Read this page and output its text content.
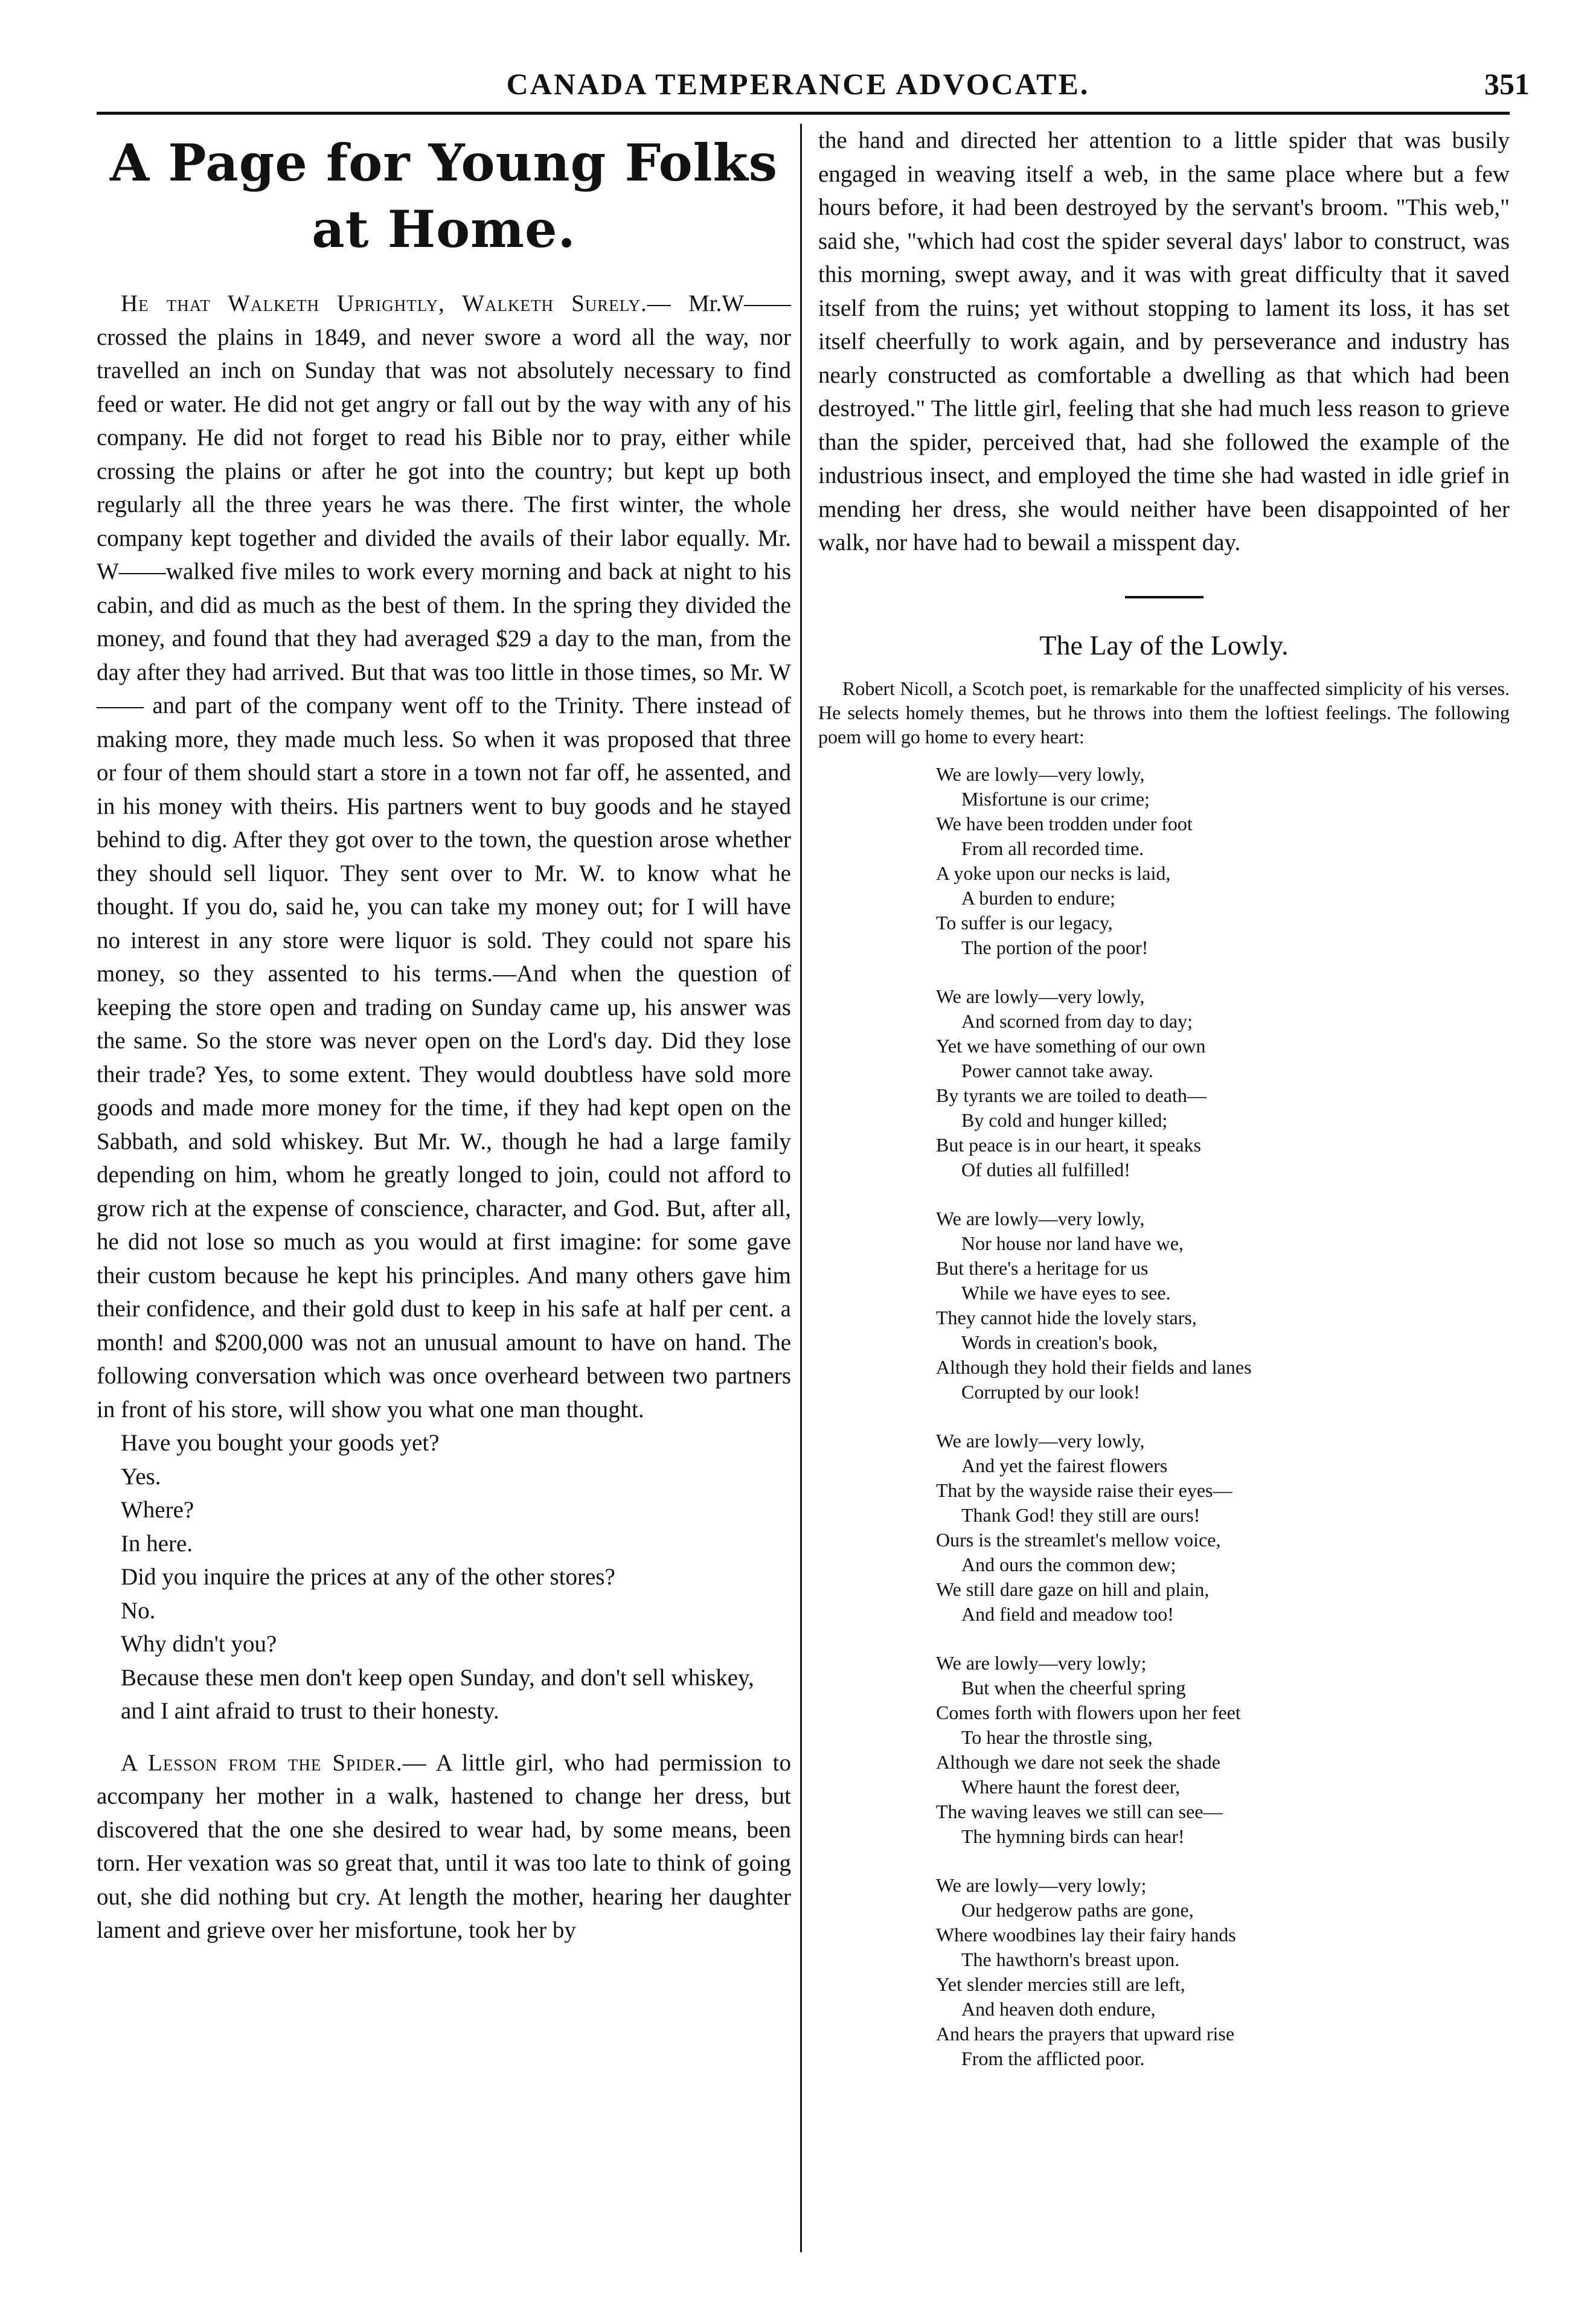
CANADA TEMPERANCE ADVOCATE.	351

A Page for Young Folks at Home.

He that Walketh Uprightly, Walketh Surely.— Mr.W——crossed the plains in 1849, and never swore a word all the way, nor travelled an inch on Sunday that was not absolutely necessary to find feed or water. He did not get angry or fall out by the way with any of his company. He did not forget to read his Bible nor to pray, either while crossing the plains or after he got into the country; but kept up both regularly all the three years he was there. The first winter, the whole company kept together and divided the avails of their labor equally. Mr. W——walked five miles to work every morning and back at night to his cabin, and did as much as the best of them. In the spring they divided the money, and found that they had averaged $29 a day to the man, from the day after they had arrived. But that was too little in those times, so Mr. W—— and part of the company went off to the Trinity. There instead of making more, they made much less. So when it was proposed that three or four of them should start a store in a town not far off, he assented, and in his money with theirs. His partners went to buy goods and he stayed behind to dig. After they got over to the town, the question arose whether they should sell liquor. They sent over to Mr. W. to know what he thought. If you do, said he, you can take my money out; for I will have no interest in any store were liquor is sold. They could not spare his money, so they assented to his terms.—And when the question of keeping the store open and trading on Sunday came up, his answer was the same. So the store was never open on the Lord's day. Did they lose their trade? Yes, to some extent. They would doubtless have sold more goods and made more money for the time, if they had kept open on the Sabbath, and sold whiskey. But Mr. W., though he had a large family depending on him, whom he greatly longed to join, could not afford to grow rich at the expense of conscience, character, and God. But, after all, he did not lose so much as you would at first imagine: for some gave their custom because he kept his principles. And many others gave him their confidence, and their gold dust to keep in his safe at half per cent. a month! and $200,000 was not an unusual amount to have on hand. The following conversation which was once overheard between two partners in front of his store, will show you what one man thought.

Have you bought your goods yet?

Yes.

Where?

In here.

Did you inquire the prices at any of the other stores?

No.

Why didn't you?

Because these men don't keep open Sunday, and don't sell whiskey, and I aint afraid to trust to their honesty.

A Lesson from the Spider.— A little girl, who had permission to accompany her mother in a walk, hastened to change her dress, but discovered that the one she desired to wear had, by some means, been torn. Her vexation was so great that, until it was too late to think of going out, she did nothing but cry. At length the mother, hearing her daughter lament and grieve over her misfortune, took her by

the hand and directed her attention to a little spider that was busily engaged in weaving itself a web, in the same place where but a few hours before, it had been destroyed by the servant's broom. "This web," said she, "which had cost the spider several days' labor to construct, was this morning, swept away, and it was with great difficulty that it saved itself from the ruins; yet without stopping to lament its loss, it has set itself cheerfully to work again, and by perseverance and industry has nearly constructed as comfortable a dwelling as that which had been destroyed." The little girl, feeling that she had much less reason to grieve than the spider, perceived that, had she followed the example of the industrious insect, and employed the time she had wasted in idle grief in mending her dress, she would neither have been disappointed of her walk, nor have had to bewail a misspent day.

The Lay of the Lowly.

Robert Nicoll, a Scotch poet, is remarkable for the unaffected simplicity of his verses. He selects homely themes, but he throws into them the loftiest feelings. The following poem will go home to every heart:

We are lowly—very lowly,
Misfortune is our crime;
We have been trodden under foot
From all recorded time.
A yoke upon our necks is laid,
A burden to endure;
To suffer is our legacy,
The portion of the poor!
We are lowly—very lowly,
And scorned from day to day;
Yet we have something of our own
Power cannot take away.
By tyrants we are toiled to death—
By cold and hunger killed;
But peace is in our heart, it speaks
Of duties all fulfilled!
We are lowly—very lowly,
Nor house nor land have we,
But there's a heritage for us
While we have eyes to see.
They cannot hide the lovely stars,
Words in creation's book,
Although they hold their fields and lanes
Corrupted by our look!
We are lowly—very lowly,
And yet the fairest flowers
That by the wayside raise their eyes—
Thank God! they still are ours!
Ours is the streamlet's mellow voice,
And ours the common dew;
We still dare gaze on hill and plain,
And field and meadow too!
We are lowly—very lowly;
But when the cheerful spring
Comes forth with flowers upon her feet
To hear the throstle sing,
Although we dare not seek the shade
Where haunt the forest deer,
The waving leaves we still can see—
The hymning birds can hear!
We are lowly—very lowly;
Our hedgerow paths are gone,
Where woodbines lay their fairy hands
The hawthorn's breast upon.
Yet slender mercies still are left,
And heaven doth endure,
And hears the prayers that upward rise
From the afflicted poor.
